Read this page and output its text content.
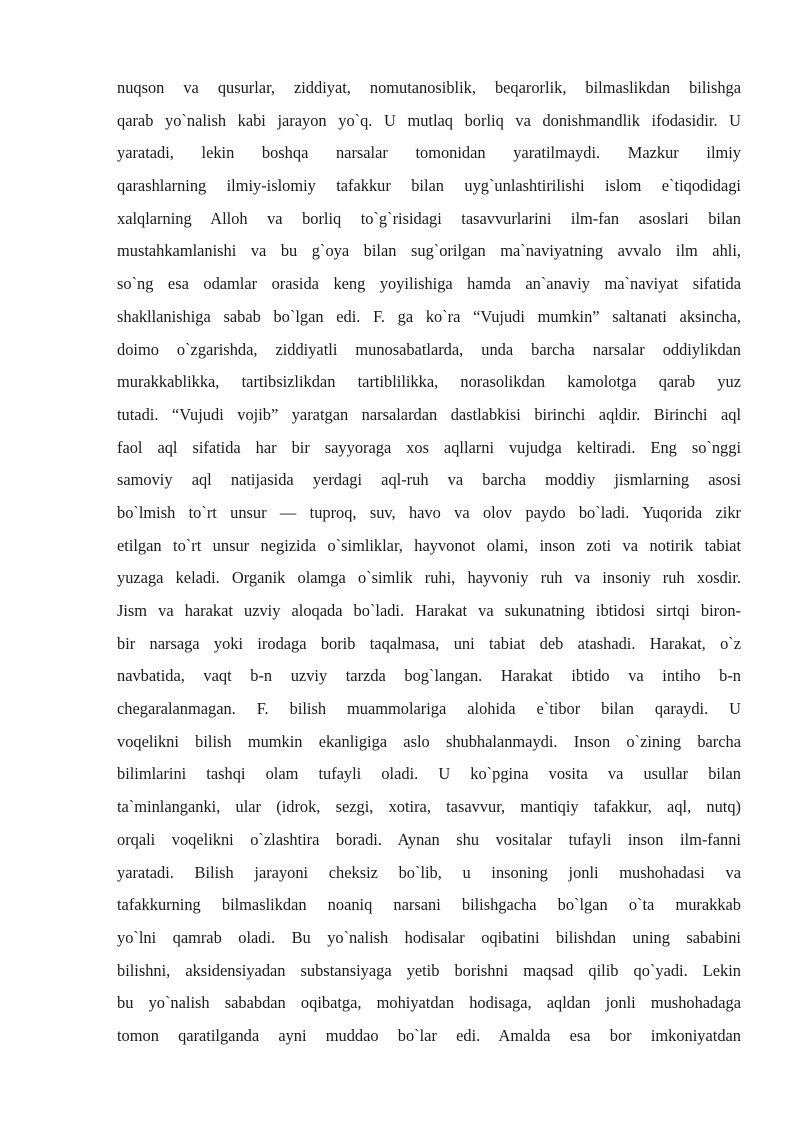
nuqson va qusurlar, ziddiyat, nomutanosiblik, beqarorlik, bilmaslikdan bilishga
qarab yo`nalish kabi jarayon yo`q. U mutlaq borliq va donishmandlik ifodasidir. U
yaratadi, lekin boshqa narsalar tomonidan yaratilmaydi. Mazkur ilmiy
qarashlarning ilmiy-islomiy tafakkur bilan uyg`unlashtirilishi islom e`tiqodidagi
xalqlarning Alloh va borliq to`g`risidagi tasavvurlarini ilm-fan asoslari bilan
mustahkamlanishi va bu g`oya bilan sug`orilgan ma`naviyatning avvalo ilm ahli,
so`ng esa odamlar orasida keng yoyilishiga hamda an`anaviy ma`naviyat sifatida
shakllanishiga sabab bo`lgan edi. F. ga ko`ra “Vujudi mumkin” saltanati aksincha,
doimo o`zgarishda, ziddiyatli munosabatlarda, unda barcha narsalar oddiylikdan
murakkablikka, tartibsizlikdan tartiblilikka, norasolikdan kamolotga qarab yuz
tutadi. “Vujudi vojib” yaratgan narsalardan dastlabkisi birinchi aqldir. Birinchi aql
faol aql sifatida har bir sayyoraga xos aqllarni vujudga keltiradi. Eng so`nggi
samoviy aql natijasida yerdagi aql-ruh va barcha moddiy jismlarning asosi
bo`lmish to`rt unsur — tuproq, suv, havo va olov paydo bo`ladi. Yuqorida zikr
etilgan to`rt unsur negizida o`simliklar, hayvonot olami, inson zoti va notirik tabiat
yuzaga keladi. Organik olamga o`simlik ruhi, hayvoniy ruh va insoniy ruh xosdir.
Jism va harakat uzviy aloqada bo`ladi. Harakat va sukunatning ibtidosi sirtqi biron-
bir narsaga yoki irodaga borib taqalmasa, uni tabiat deb atashadi. Harakat, o`z
navbatida, vaqt b-n uzviy tarzda bog`langan. Harakat ibtido va intiho b-n
chegaralanmagan. F. bilish muammolariga alohida e`tibor bilan qaraydi. U
voqelikni bilish mumkin ekanligiga aslo shubhalanmaydi. Inson o`zining barcha
bilimlarini tashqi olam tufayli oladi. U ko`pgina vosita va usullar bilan
ta`minlanganki, ular (idrok, sezgi, xotira, tasavvur, mantiqiy tafakkur, aql, nutq)
orqali voqelikni o`zlashtira boradi. Aynan shu vositalar tufayli inson ilm-fanni
yaratadi. Bilish jarayoni cheksiz bo`lib, u insoning jonli mushohadasi va
tafakkurning bilmaslikdan noaniq narsani bilishgacha bo`lgan o`ta murakkab
yo`lni qamrab oladi. Bu yo`nalish hodisalar oqibatini bilishdan uning sababini
bilishni, aksidensiyadan substansiyaga yetib borishni maqsad qilib qo`yadi. Lekin
bu yo`nalish sababdan oqibatga, mohiyatdan hodisaga, aqldan jonli mushohadaga
tomon qaratilganda ayni muddao bo`lar edi. Amalda esa bor imkoniyatdan
